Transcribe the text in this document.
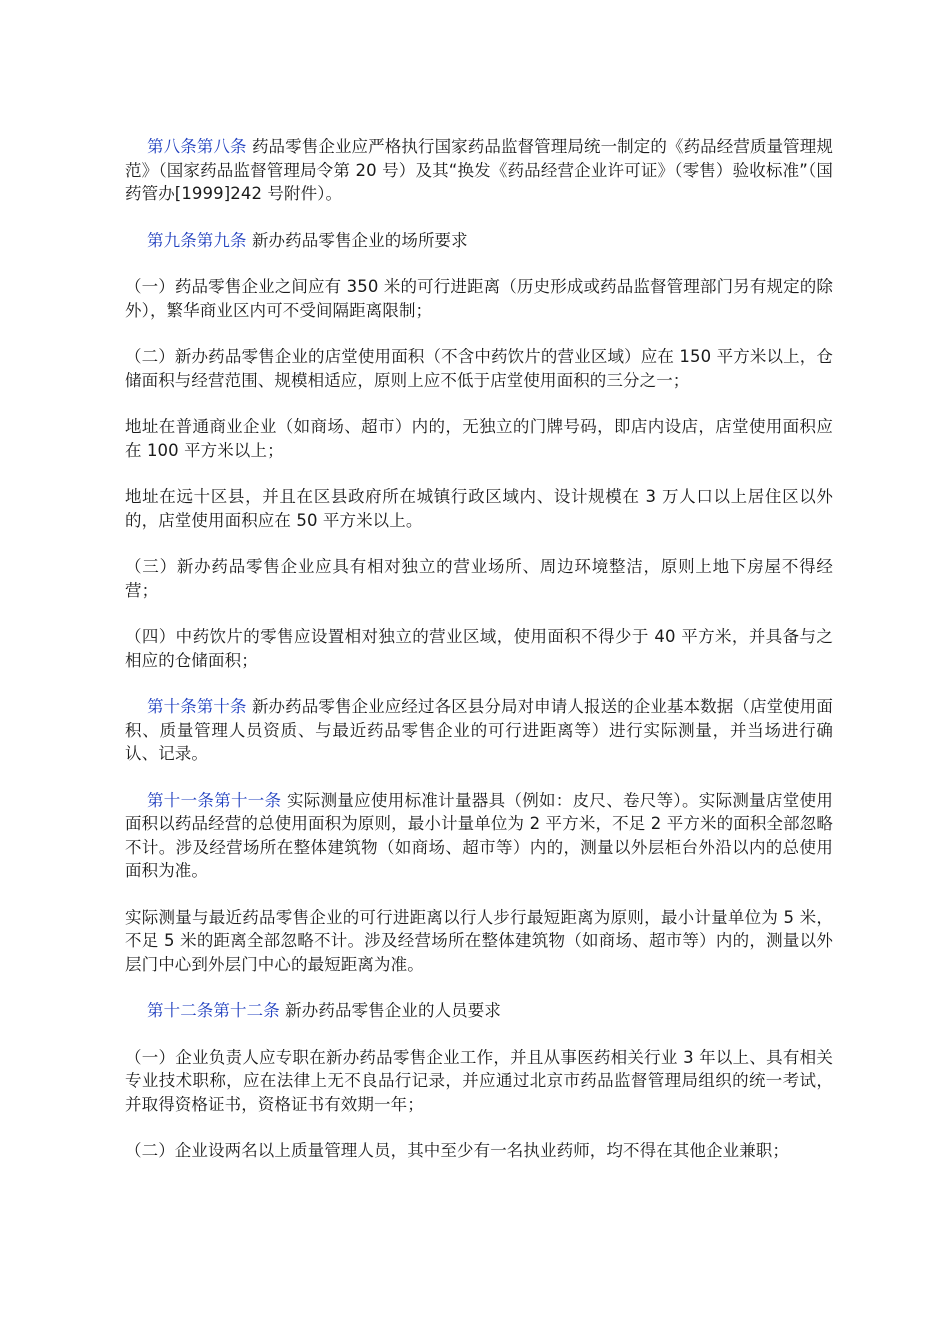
第八条第八条 药品零售企业应严格执行国家药品监督管理局统一制定的《药品经营质量管理规范》（国家药品监督管理局令第 20 号）及其“换发《药品经营企业许可证》（零售）验收标准”（国药管办[1999]242 号附件）。

第九条第九条 新办药品零售企业的场所要求

（一）药品零售企业之间应有 350 米的可行进距离（历史形成或药品监督管理部门另有规定的除外），繁华商业区内可不受间隔距离限制；

（二）新办药品零售企业的店堂使用面积（不含中药饮片的营业区域）应在 150 平方米以上，仓储面积与经营范围、规模相适应，原则上应不低于店堂使用面积的三分之一；

地址在普通商业企业（如商场、超市）内的，无独立的门牌号码，即店内设店，店堂使用面积应在 100 平方米以上；

地址在远十区县，并且在区县政府所在城镇行政区域内、设计规模在 3 万人口以上居住区以外的，店堂使用面积应在 50 平方米以上。

（三）新办药品零售企业应具有相对独立的营业场所、周边环境整洁，原则上地下房屋不得经营；

（四）中药饮片的零售应设置相对独立的营业区域，使用面积不得少于 40 平方米，并具备与之相应的仓储面积；

第十条第十条 新办药品零售企业应经过各区县分局对申请人报送的企业基本数据（店堂使用面积、质量管理人员资质、与最近药品零售企业的可行进距离等）进行实际测量，并当场进行确认、记录。

第十一条第十一条 实际测量应使用标准计量器具（例如：皮尺、卷尺等）。实际测量店堂使用面积以药品经营的总使用面积为原则，最小计量单位为 2 平方米，不足 2 平方米的面积全部忽略不计。涉及经营场所在整体建筑物（如商场、超市等）内的，测量以外层柜台外沿以内的总使用面积为准。

实际测量与最近药品零售企业的可行进距离以行人步行最短距离为原则，最小计量单位为 5 米，不足 5 米的距离全部忽略不计。涉及经营场所在整体建筑物（如商场、超市等）内的，测量以外层门中心到外层门中心的最短距离为准。

第十二条第十二条 新办药品零售企业的人员要求

（一）企业负责人应专职在新办药品零售企业工作，并且从事医药相关行业 3 年以上、具有相关专业技术职称，应在法律上无不良品行记录，并应通过北京市药品监督管理局组织的统一考试，并取得资格证书，资格证书有效期一年；

（二）企业设两名以上质量管理人员，其中至少有一名执业药师，均不得在其他企业兼职；
